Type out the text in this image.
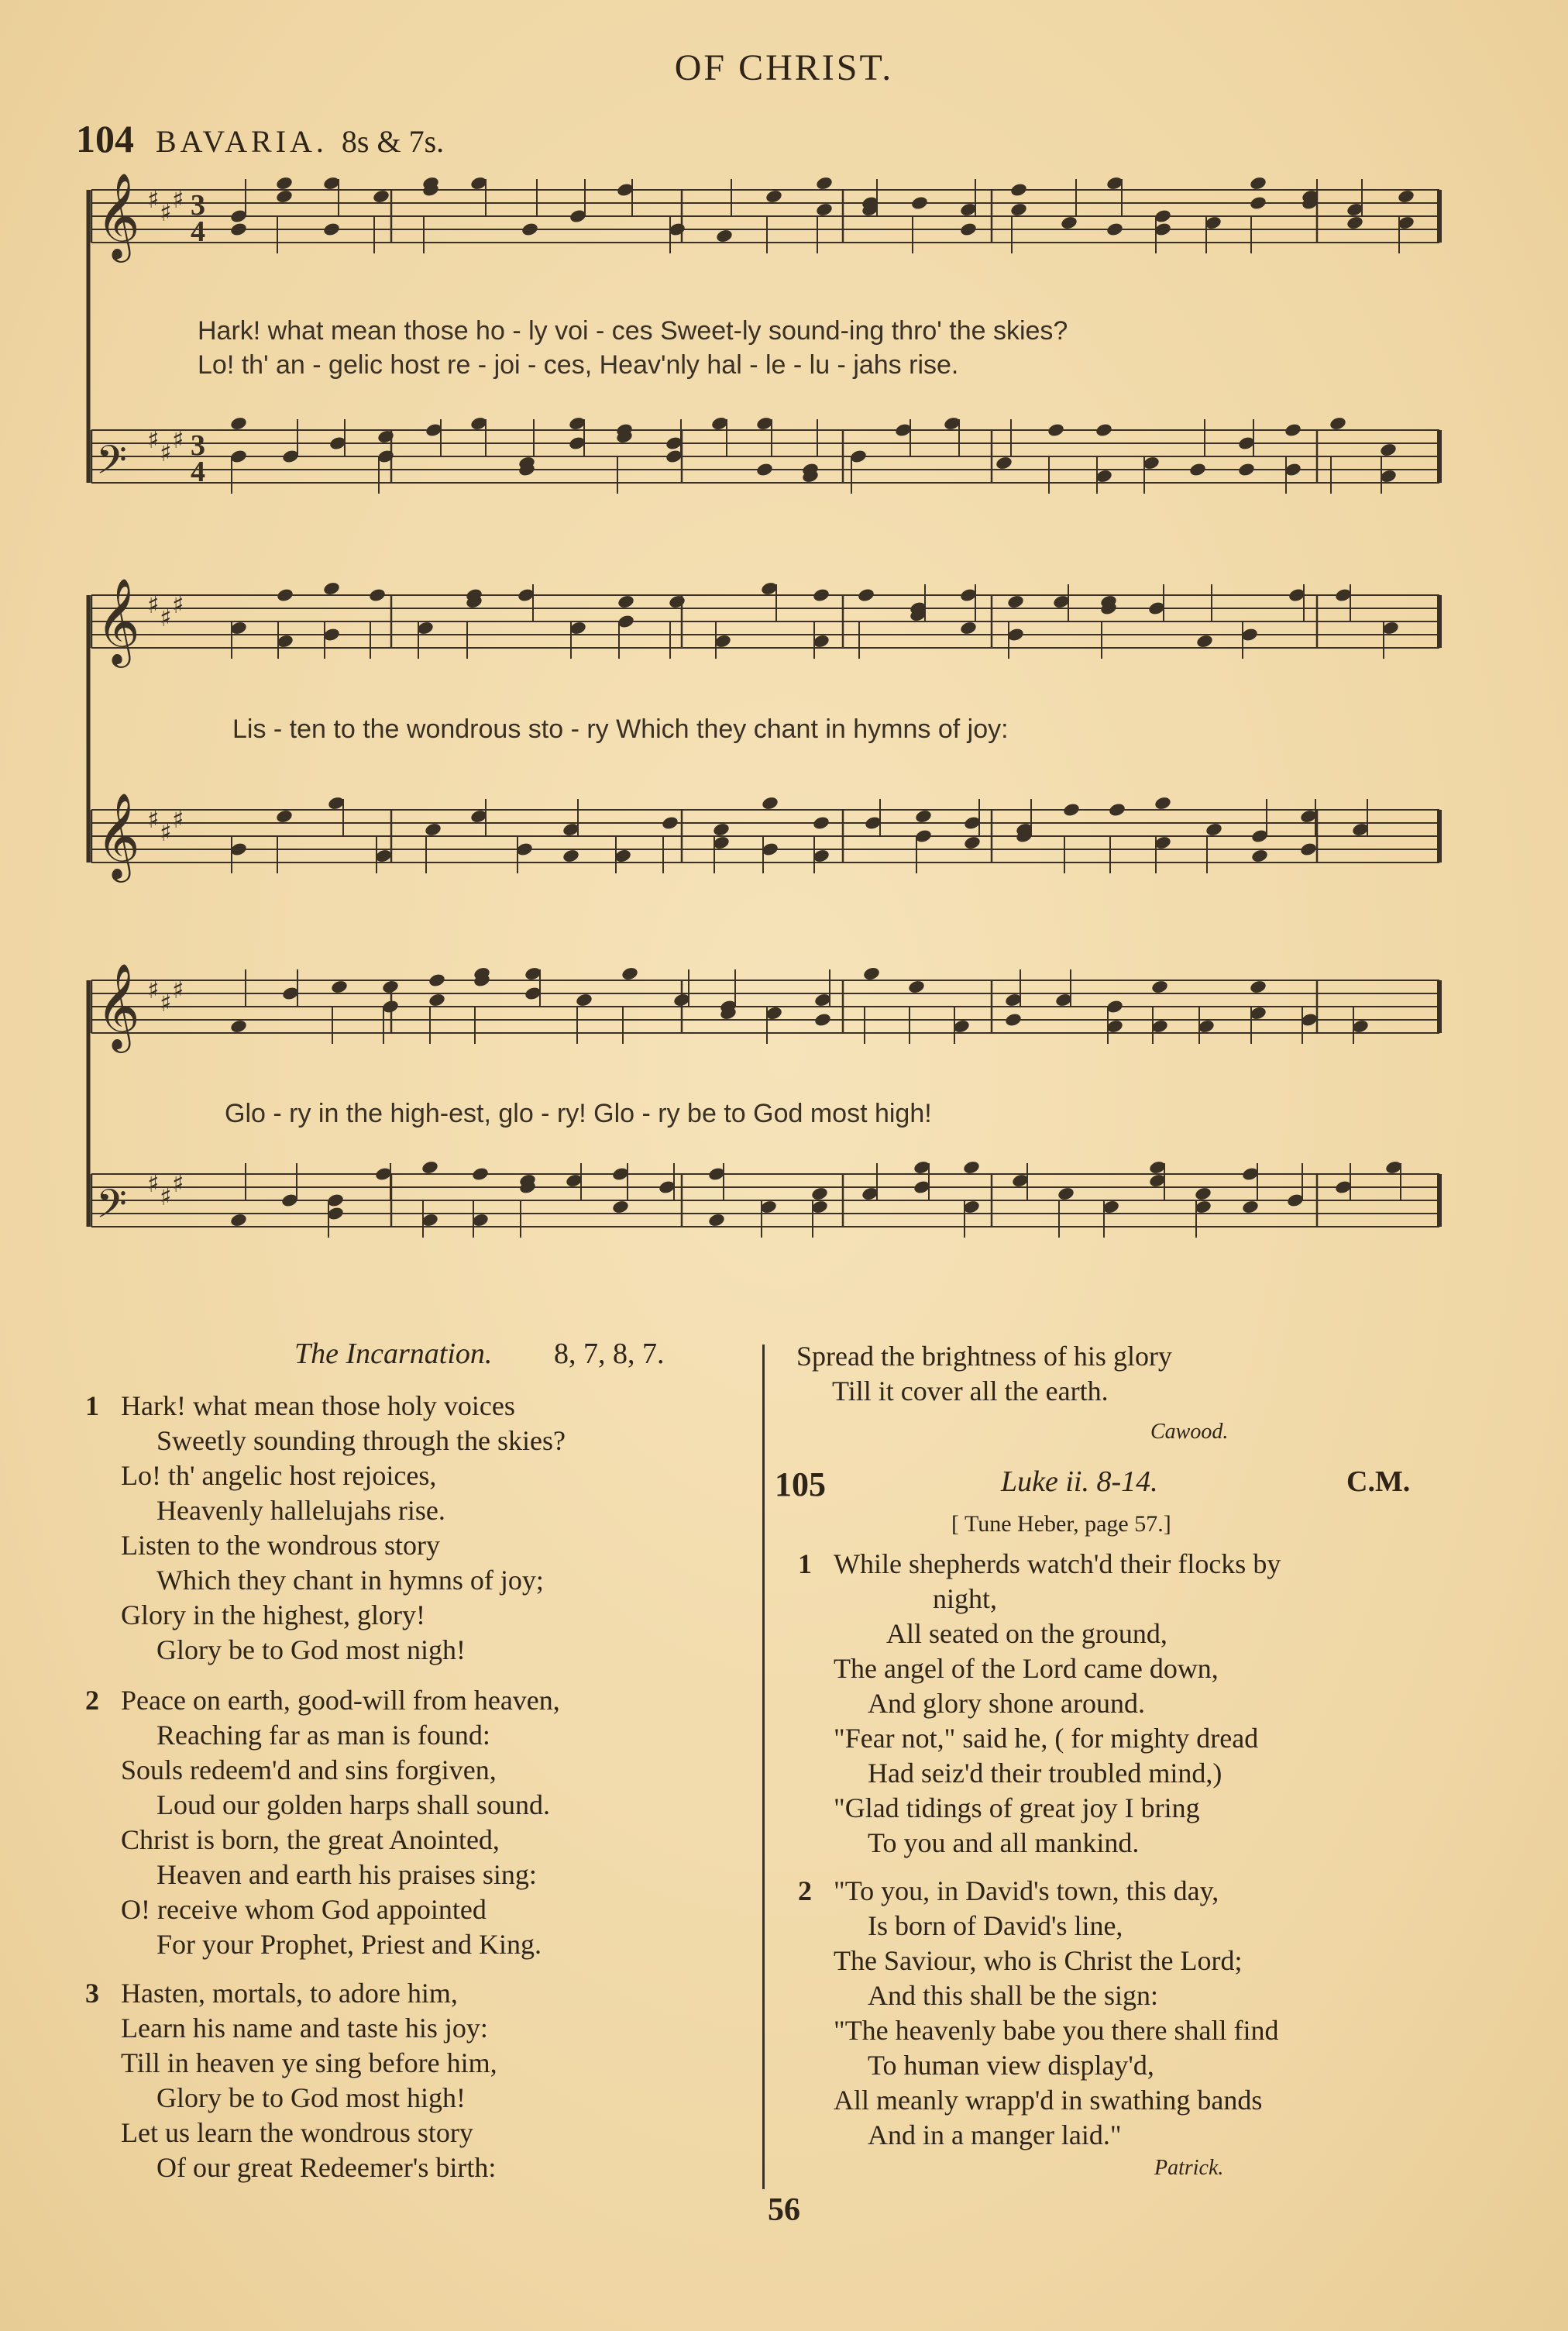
OF CHRIST.
104 BAVARIA. 8s & 7s.
𝄞 ♯ ♯ ♯ 3
4
𝄢 ♯ ♯ ♯ 3
4
𝄞 ♯ ♯ ♯
𝄞 ♯ ♯ ♯
𝄞 ♯ ♯ ♯
𝄢 ♯ ♯ ♯
Hark! what mean those ho - ly voi - ces Sweet-ly sound-ing thro' the skies?
Lo! th' an - gelic host re - joi - ces, Heav'nly hal - le - lu - jahs rise.
Lis - ten to the wondrous sto - ry Which they chant in hymns of joy:
Glo - ry in the high-est, glo - ry! Glo - ry be to God most high!
The Incarnation. 8, 7, 8, 7.
1 Hark! what mean those holy voices
Sweetly sounding through the skies?
Lo! th' angelic host rejoices,
Heavenly hallelujahs rise.
Listen to the wondrous story
Which they chant in hymns of joy;
Glory in the highest, glory!
Glory be to God most nigh!
2 Peace on earth, good-will from heaven,
Reaching far as man is found:
Souls redeem'd and sins forgiven,
Loud our golden harps shall sound.
Christ is born, the great Anointed,
Heaven and earth his praises sing:
O! receive whom God appointed
For your Prophet, Priest and King.
3 Hasten, mortals, to adore him,
Learn his name and taste his joy:
Till in heaven ye sing before him,
Glory be to God most high!
Let us learn the wondrous story
Of our great Redeemer's birth:
Spread the brightness of his glory
Till it cover all the earth.
Cawood.
105	Luke ii. 8-14.	C.M.
[ Tune Heber, page 57.]
1 While shepherds watch'd their flocks by
night,
All seated on the ground,
The angel of the Lord came down,
And glory shone around.
"Fear not," said he, ( for mighty dread
Had seiz'd their troubled mind,)
"Glad tidings of great joy I bring
To you and all mankind.
2 "To you, in David's town, this day,
Is born of David's line,
The Saviour, who is Christ the Lord;
And this shall be the sign:
"The heavenly babe you there shall find
To human view display'd,
All meanly wrapp'd in swathing bands
And in a manger laid."
Patrick.
56
